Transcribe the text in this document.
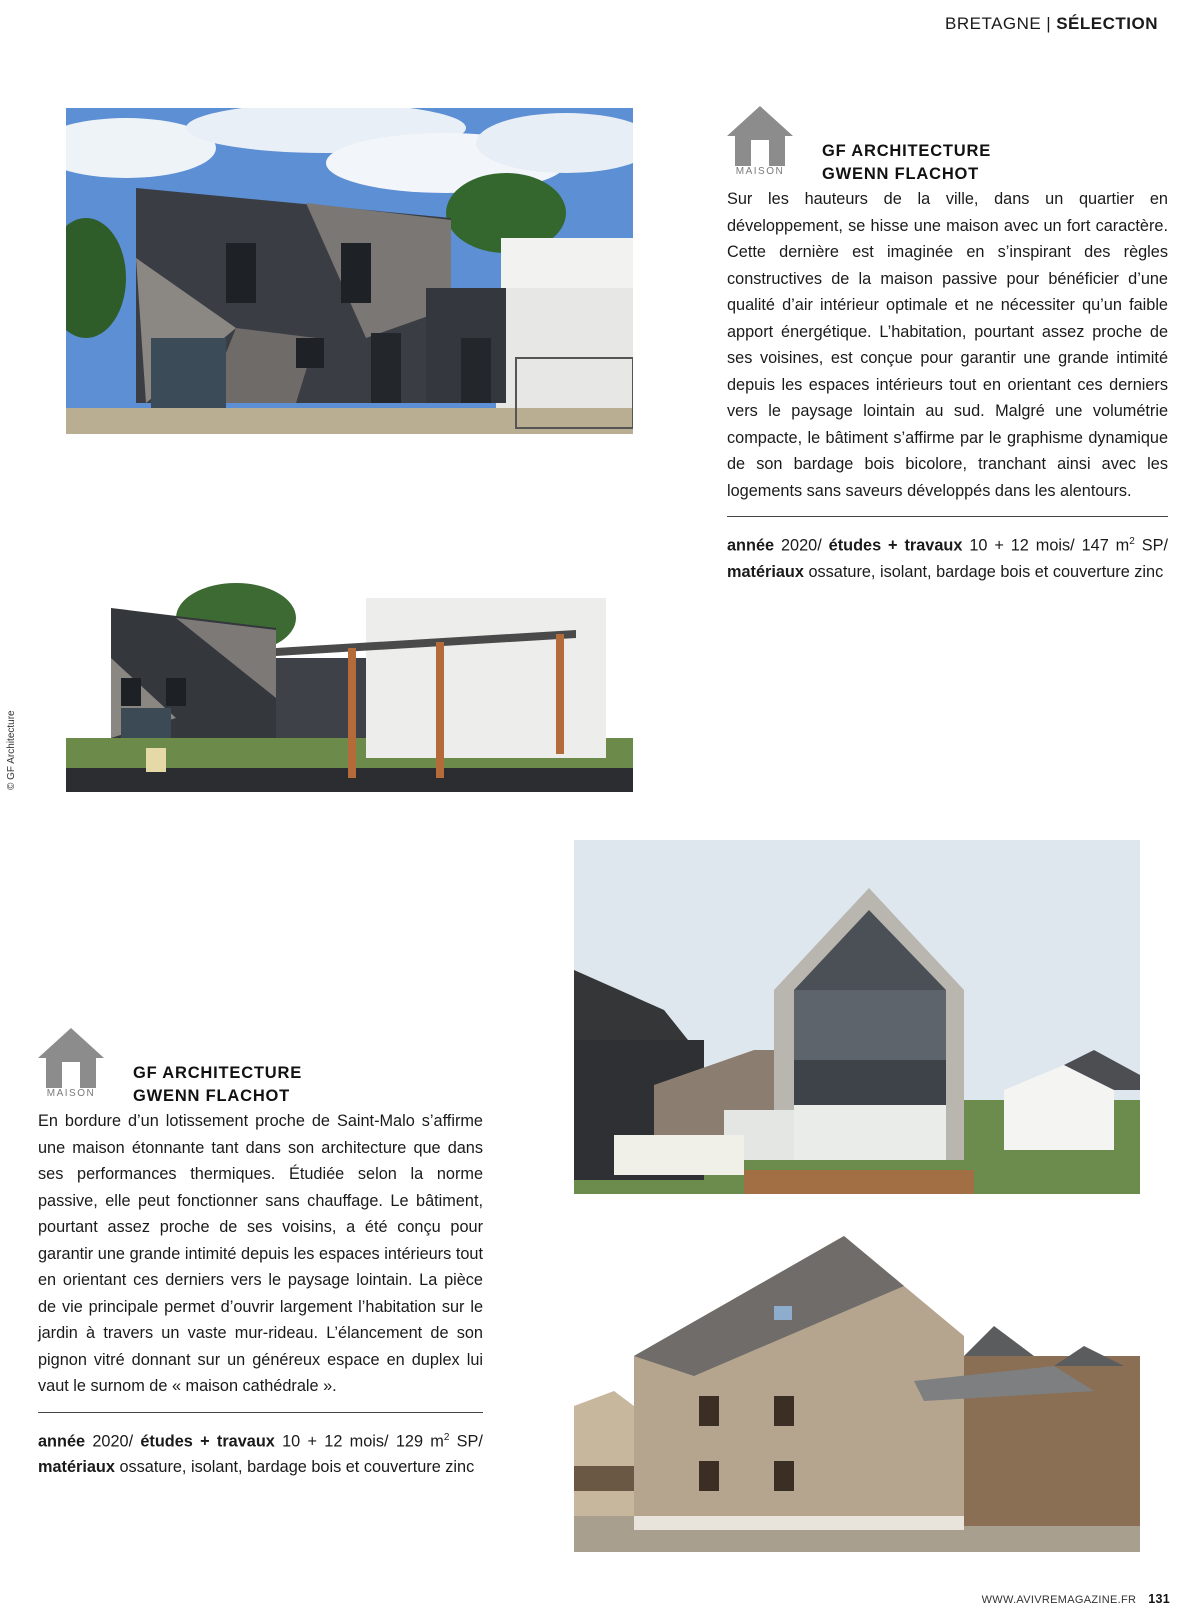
BRETAGNE | SÉLECTION
© GF Architecture
MAISON
GF ARCHITECTURE
GWENN FLACHOT

Sur les hauteurs de la ville, dans un quartier en développement, se hisse une maison avec un fort caractère. Cette dernière est imaginée en s’inspirant des règles constructives de la maison passive pour bénéficier d’une qualité d’air intérieur optimale et ne nécessiter qu’un faible apport énergétique. L’habitation, pourtant assez proche de ses voisines, est conçue pour garantir une grande intimité depuis les espaces intérieurs tout en orientant ces derniers vers le paysage lointain au sud. Malgré une volumétrie compacte, le bâtiment s’affirme par le graphisme dynamique de son bardage bois bicolore, tranchant ainsi avec les logements sans saveurs développés dans les alentours.

année 2020/ études + travaux 10 + 12 mois/ 147 $m^2$ SP/ matériaux ossature, isolant, bardage bois et couverture zinc

MAISON
GF ARCHITECTURE
GWENN FLACHOT

En bordure d’un lotissement proche de Saint-Malo s’affirme une maison étonnante tant dans son architecture que dans ses performances thermiques. Étudiée selon la norme passive, elle peut fonctionner sans chauffage. Le bâtiment, pourtant assez proche de ses voisins, a été conçu pour garantir une grande intimité depuis les espaces intérieurs tout en orientant ces derniers vers le paysage lointain. La pièce de vie principale permet d’ouvrir largement l’habitation sur le jardin à travers un vaste mur-rideau. L’élancement de son pignon vitré donnant sur un généreux espace en duplex lui vaut le surnom de « maison cathédrale ».

année 2020/ études + travaux 10 + 12 mois/ 129 $m^2$ SP/ matériaux ossature, isolant, bardage bois et couverture zinc

WWW.AVIVREMAGAZINE.FR 131
